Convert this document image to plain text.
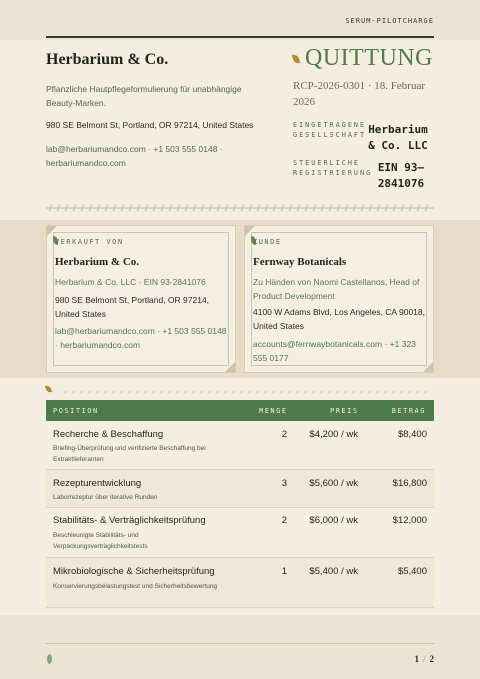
SERUM-PILOTCHARGE
Herbarium & Co.
Pflanzliche Hautpflegeformulierung für unabhängige Beauty-Marken.
980 SE Belmont St, Portland, OR 97214, United States
lab@herbariumandco.com · +1 503 555 0148 · herbariumandco.com
QUITTUNG
RCP-2026-0301 · 18. Februar 2026
EINGETRAGENE GESELLSCHAFT Herbarium & Co. LLC
STEUERLICHE REGISTRIERUNG EIN 93–2841076
VERKAUFT VON
Herbarium & Co.
Herbarium & Co. LLC · EIN 93-2841076
980 SE Belmont St, Portland, OR 97214, United States
lab@herbariumandco.com · +1 503 555 0148 · herbariumandco.com
KUNDE
Fernway Botanicals
Zu Händen von Naomi Castellanos, Head of Product Development
4100 W Adams Blvd, Los Angeles, CA 90018, United States
accounts@fernwaybotanicals.com · +1 323 555 0177
POSITION	MENGE	PREIS	BETRAG
Recherche & Beschaffung
Briefing-Überprüfung und verifizierte Beschaffung bei Extraktlieferanten
2 $4,200 / wk	$8,400
Rezepturentwicklung
Laborrezeptur über iterative Runden
3 $5,600 / wk	$16,800
Stabilitäts- & Verträglichkeitsprüfung
Beschleunigte Stabilitäts- und Verpackungsverträglichkeitstests
2 $6,000 / wk	$12,000
Mikrobiologische & Sicherheitsprüfung
Konservierungsbelastungstest und Sicherheitsbewertung
1 $5,400 / wk	$5,400
1 / 2
